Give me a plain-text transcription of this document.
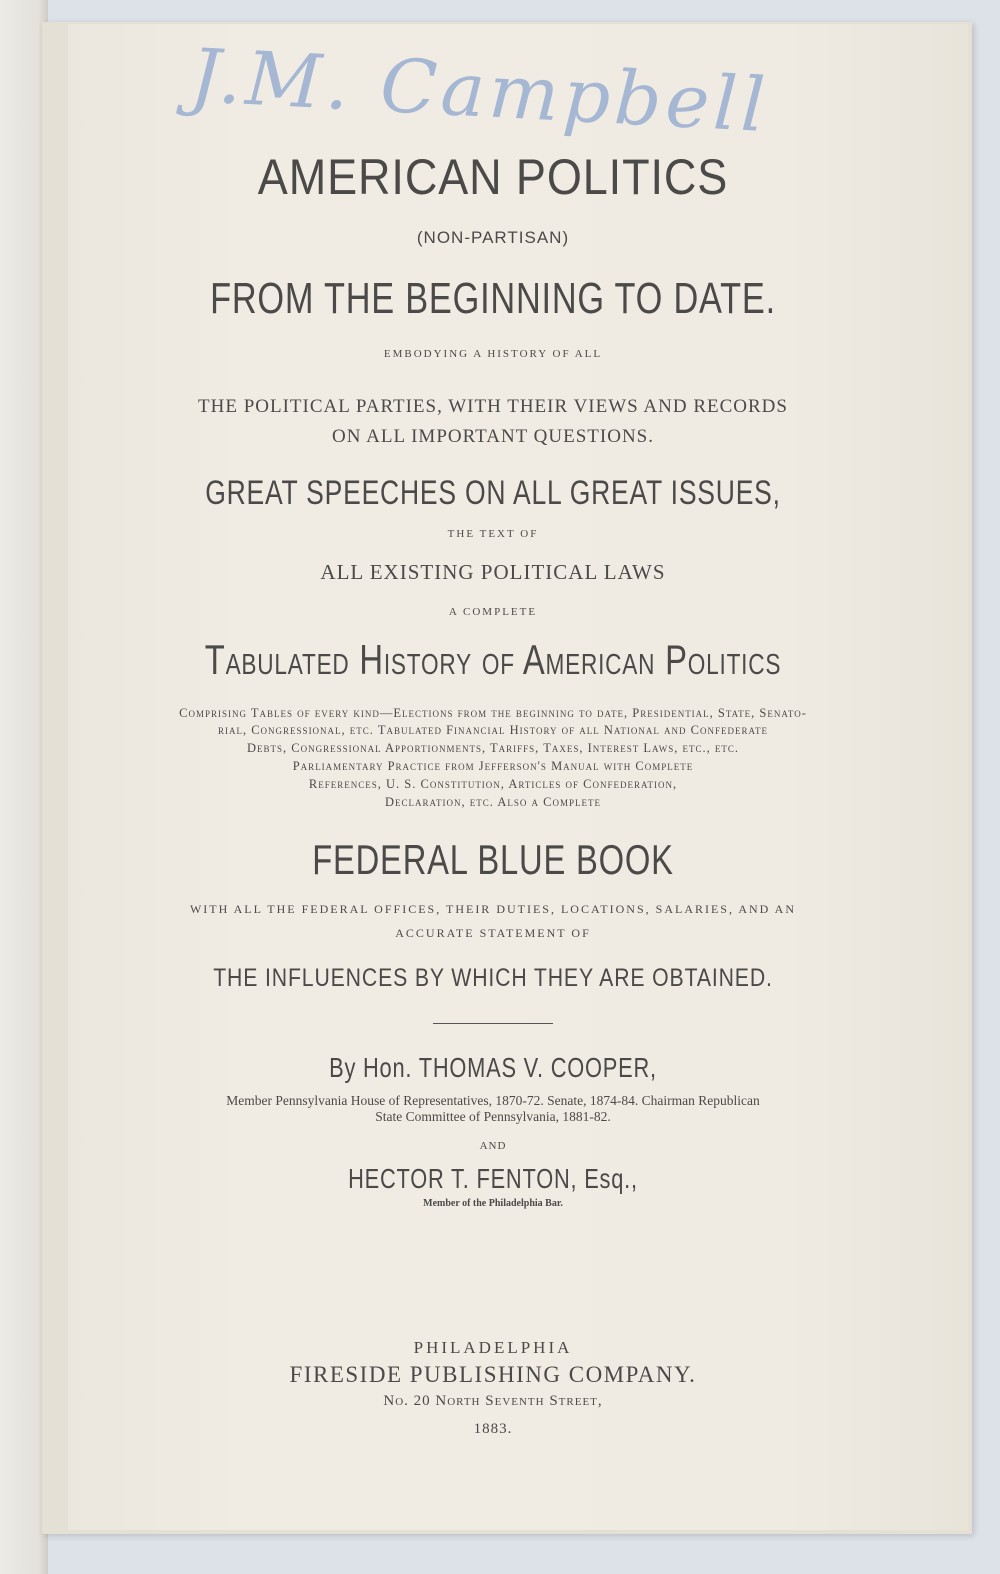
J.M. Campbell
AMERICAN POLITICS
(NON-PARTISAN)
FROM THE BEGINNING TO DATE.
EMBODYING A HISTORY OF ALL
THE POLITICAL PARTIES, WITH THEIR VIEWS AND RECORDS
ON ALL IMPORTANT QUESTIONS.
GREAT SPEECHES ON ALL GREAT ISSUES,
THE TEXT OF
ALL EXISTING POLITICAL LAWS
A COMPLETE
Tabulated History of American Politics
Comprising Tables of every kind—Elections from the beginning to date, Presidential, State, Senato-
rial, Congressional, etc. Tabulated Financial History of all National and Confederate
Debts, Congressional Apportionments, Tariffs, Taxes, Interest Laws, etc., etc.
Parliamentary Practice from Jefferson's Manual with Complete
References, U. S. Constitution, Articles of Confederation,
Declaration, etc. Also a Complete
FEDERAL BLUE BOOK
WITH ALL THE FEDERAL OFFICES, THEIR DUTIES, LOCATIONS, SALARIES, AND AN
ACCURATE STATEMENT OF
THE INFLUENCES BY WHICH THEY ARE OBTAINED.
By Hon. THOMAS V. COOPER,
Member Pennsylvania House of Representatives, 1870-72. Senate, 1874-84. Chairman Republican
State Committee of Pennsylvania, 1881-82.
AND
HECTOR T. FENTON, Esq.,
Member of the Philadelphia Bar.
PHILADELPHIA
FIRESIDE PUBLISHING COMPANY.
No. 20 North Seventh Street,
1883.
